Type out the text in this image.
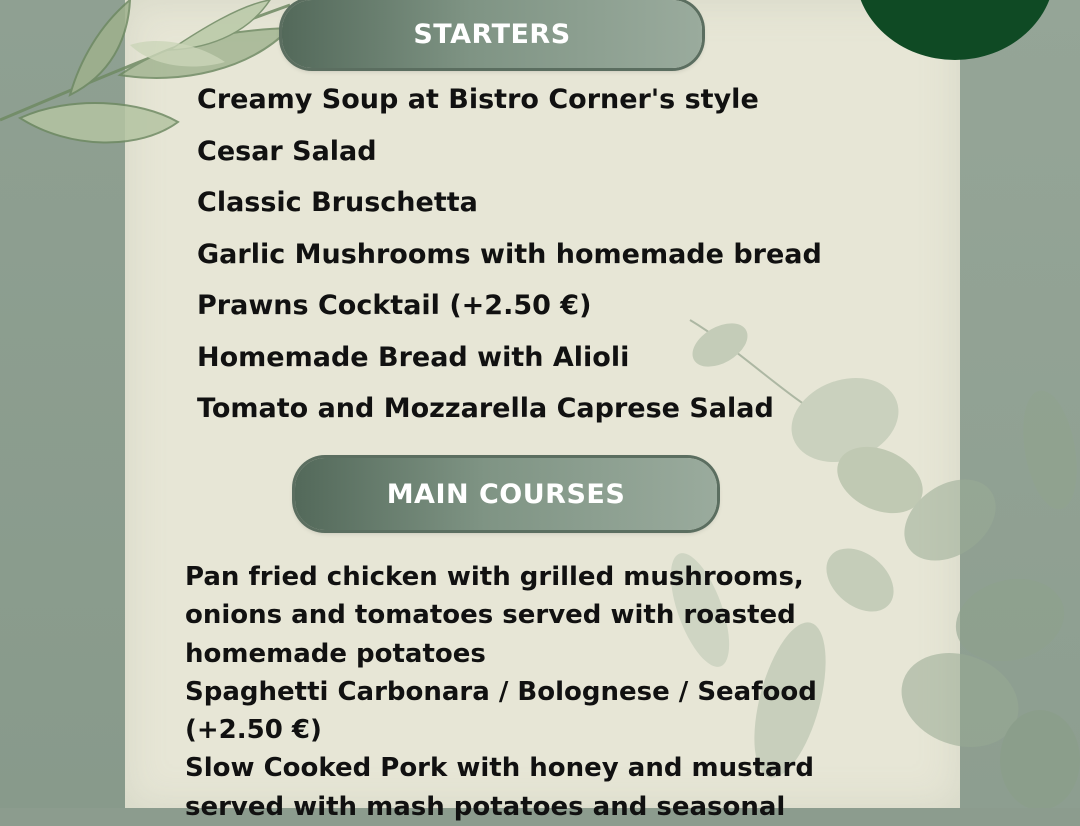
STARTERS
Creamy Soup at Bistro Corner's style
Cesar Salad
Classic Bruschetta
Garlic Mushrooms with homemade bread
Prawns Cocktail (+2.50 €)
Homemade Bread with Alioli
Tomato and Mozzarella Caprese Salad
MAIN COURSES
Pan fried chicken with grilled mushrooms, onions and tomatoes served with roasted homemade potatoes
Spaghetti Carbonara / Bolognese / Seafood (+2.50 €)
Slow Cooked Pork with honey and mustard served with mash potatoes and seasonal
